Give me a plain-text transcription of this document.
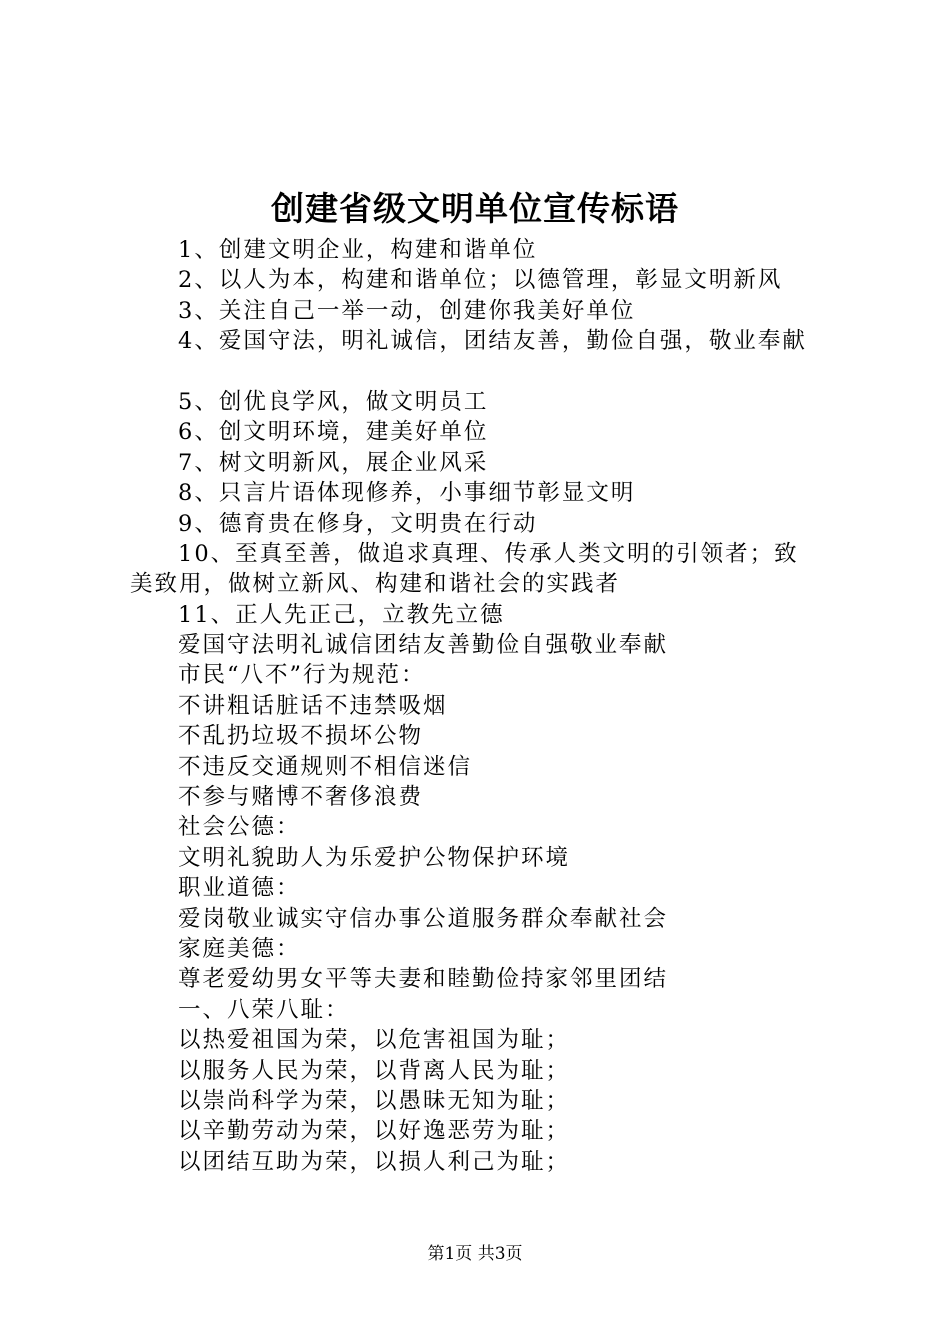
创建省级文明单位宣传标语
1、创建文明企业，构建和谐单位
2、以人为本，构建和谐单位；以德管理，彰显文明新风
3、关注自己一举一动，创建你我美好单位
4、爱国守法，明礼诚信，团结友善，勤俭自强，敬业奉献
5、创优良学风，做文明员工
6、创文明环境，建美好单位
7、树文明新风，展企业风采
8、只言片语体现修养，小事细节彰显文明
9、德育贵在修身，文明贵在行动
10、至真至善，做追求真理、传承人类文明的引领者；致
美致用，做树立新风、构建和谐社会的实践者
11、正人先正己，立教先立德
爱国守法明礼诚信团结友善勤俭自强敬业奉献
市民“八不”行为规范：
不讲粗话脏话不违禁吸烟
不乱扔垃圾不损坏公物
不违反交通规则不相信迷信
不参与赌博不奢侈浪费
社会公德：
文明礼貌助人为乐爱护公物保护环境
职业道德：
爱岗敬业诚实守信办事公道服务群众奉献社会
家庭美德：
尊老爱幼男女平等夫妻和睦勤俭持家邻里团结
一、八荣八耻：
以热爱祖国为荣，以危害祖国为耻；
以服务人民为荣，以背离人民为耻；
以崇尚科学为荣，以愚昧无知为耻；
以辛勤劳动为荣，以好逸恶劳为耻；
以团结互助为荣，以损人利己为耻；
第1页 共3页
